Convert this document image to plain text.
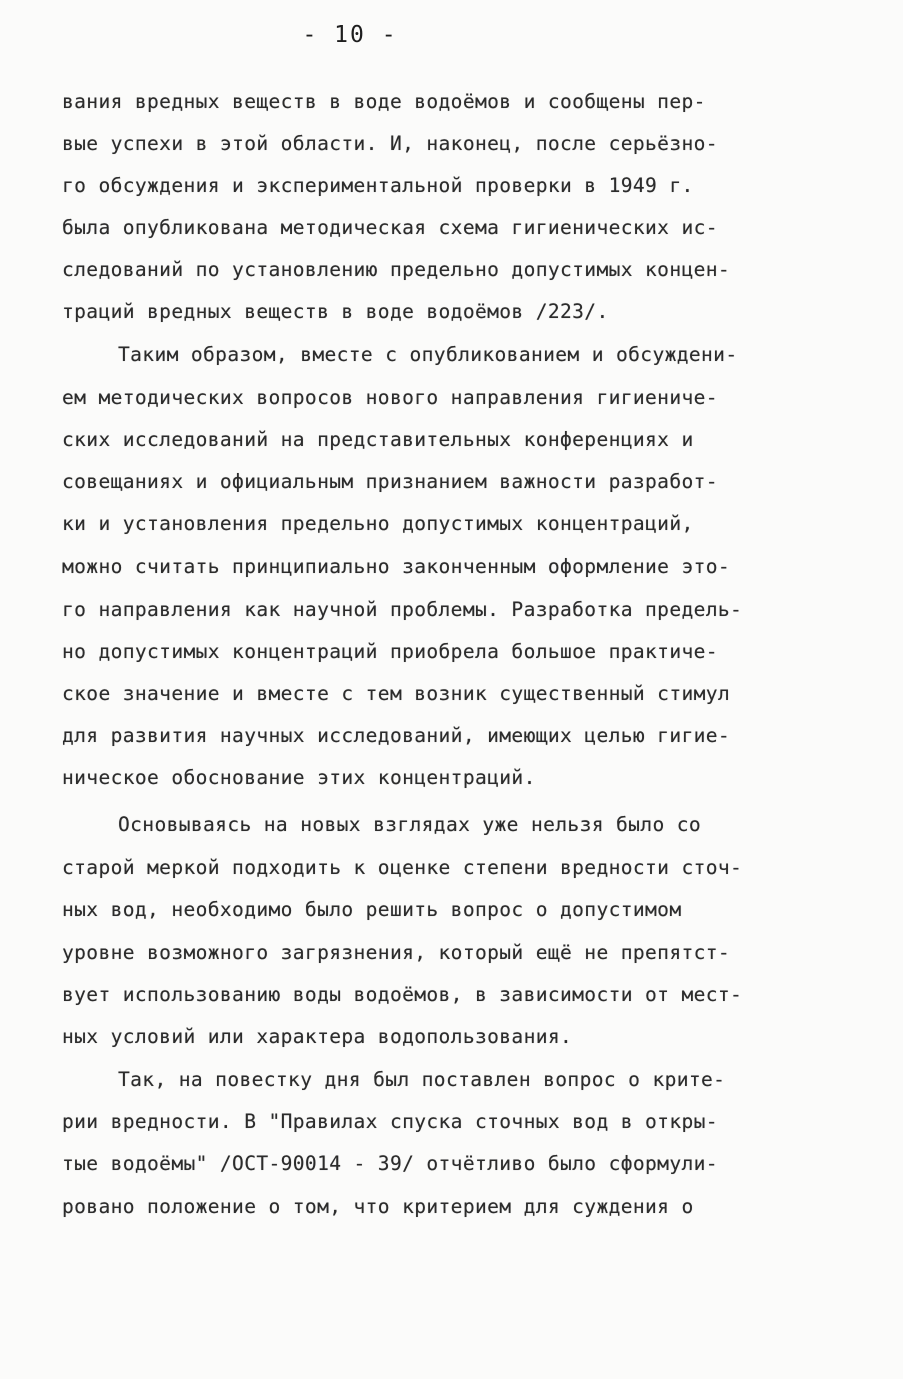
- 10 -
вания вредных веществ в воде водоёмов и сообщены пер-
вые успехи в этой области. И, наконец, после серьёзно-
го обсуждения и экспериментальной проверки в 1949 г.
была опубликована методическая схема гигиенических ис-
следований по установлению предельно допустимых концен-
траций вредных веществ в воде водоёмов /223/.
Таким образом, вместе с опубликованием и обсуждени-
ем методических вопросов нового направления гигиениче-
ских исследований на представительных конференциях и
совещаниях и официальным признанием важности разработ-
ки и установления предельно допустимых концентраций,
можно считать принципиально законченным оформление это-
го направления как научной проблемы. Разработка предель-
но допустимых концентраций приобрела большое практиче-
ское значение и вместе с тем возник существенный стимул
для развития научных исследований, имеющих целью гигие-
ническое обоснование этих концентраций.
Основываясь на новых взглядах уже нельзя было со
старой меркой подходить к оценке степени вредности сточ-
ных вод, необходимо было решить вопрос о допустимом
уровне возможного загрязнения, который ещё не препятст-
вует использованию воды водоёмов, в зависимости от мест-
ных условий или характера водопользования.
Так, на повестку дня был поставлен вопрос о крите-
рии вредности. В "Правилах спуска сточных вод в откры-
тые водоёмы" /ОСТ-90014 - 39/ отчётливо было сформули-
ровано положение о том, что критерием для суждения о
